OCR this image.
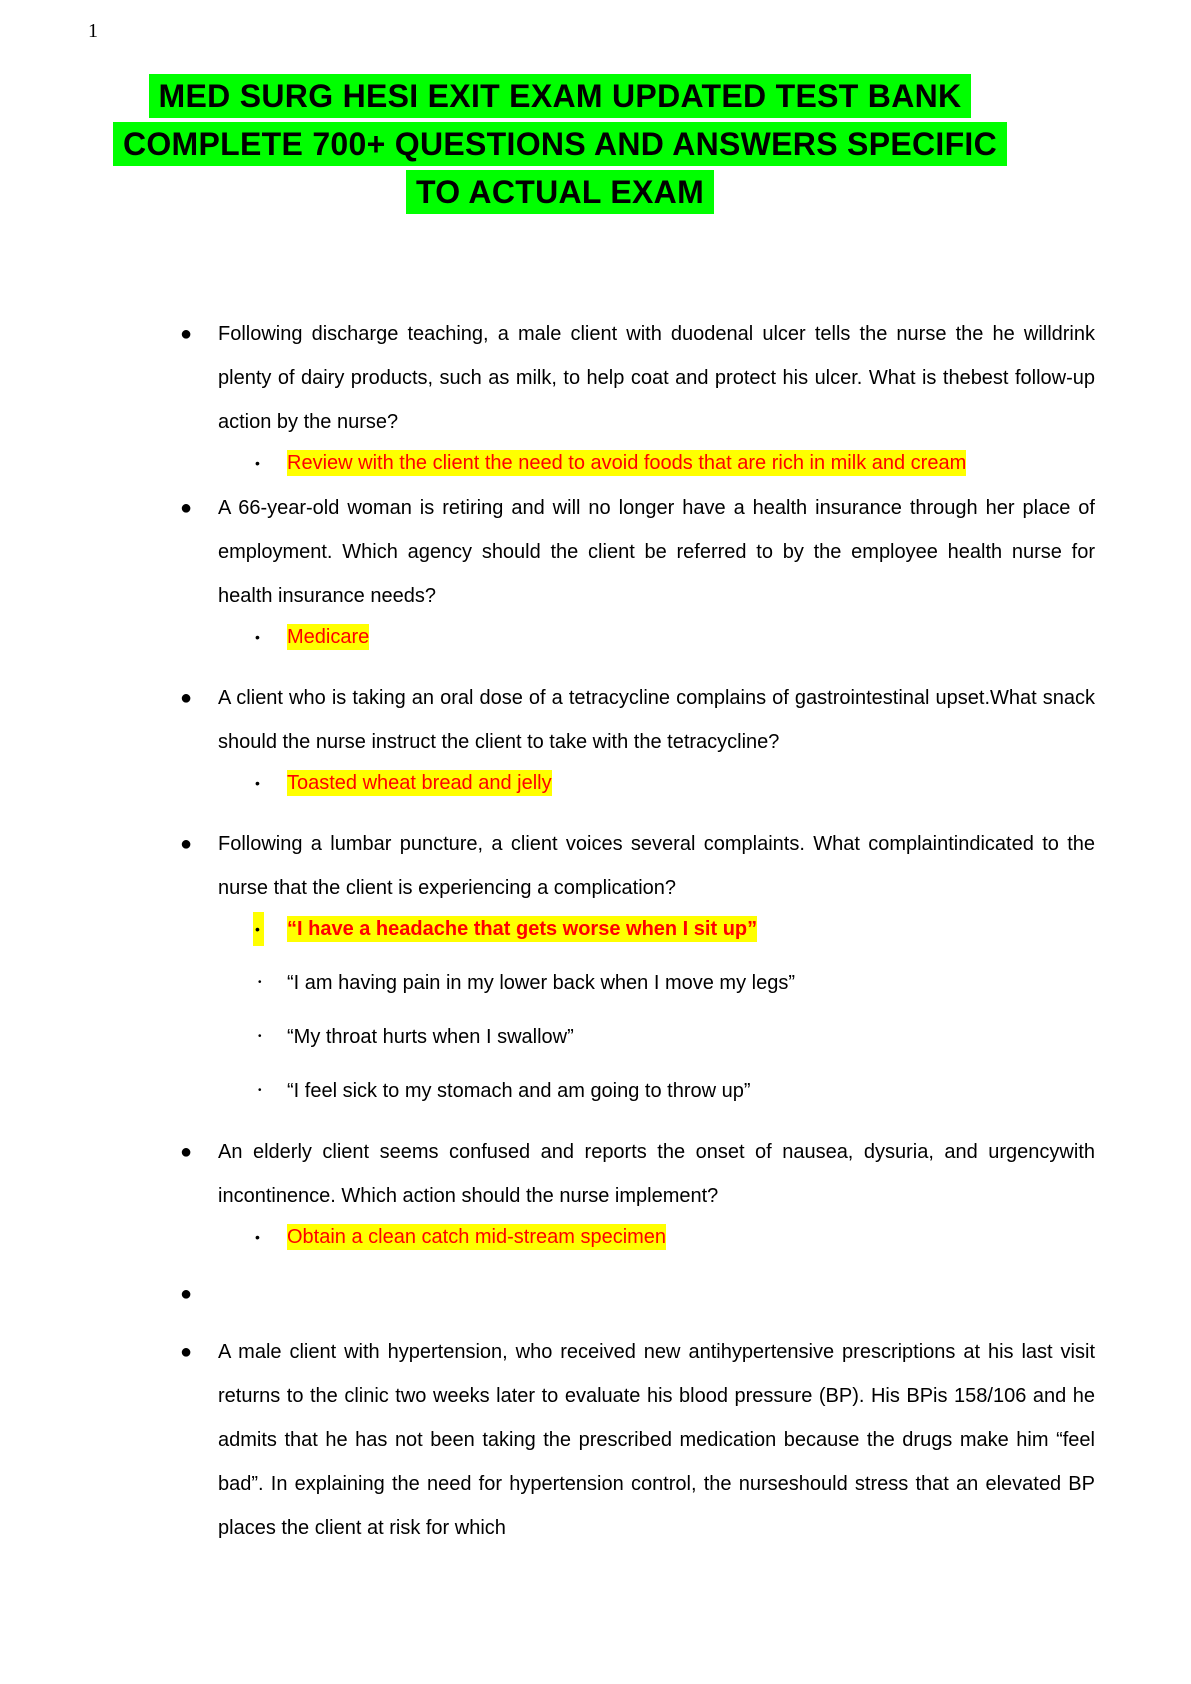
1
MED SURG HESI EXIT EXAM UPDATED TEST BANK
COMPLETE 700+ QUESTIONS AND ANSWERS SPECIFIC
TO ACTUAL EXAM
● Following discharge teaching, a male client with duodenal ulcer tells the nurse the he willdrink plenty of dairy products, such as milk, to help coat and protect his ulcer. What is thebest follow-up action by the nurse?
• Review with the client the need to avoid foods that are rich in milk and cream
● A 66-year-old woman is retiring and will no longer have a health insurance through her place of employment. Which agency should the client be referred to by the employee health nurse for health insurance needs?
• Medicare
● A client who is taking an oral dose of a tetracycline complains of gastrointestinal upset.What snack should the nurse instruct the client to take with the tetracycline?
• Toasted wheat bread and jelly
● Following a lumbar puncture, a client voices several complaints. What complaintindicated to the nurse that the client is experiencing a complication?
• “I have a headache that gets worse when I sit up”
• “I am having pain in my lower back when I move my legs”
• “My throat hurts when I swallow”
• “I feel sick to my stomach and am going to throw up”
● An elderly client seems confused and reports the onset of nausea, dysuria, and urgencywith incontinence. Which action should the nurse implement?
• Obtain a clean catch mid-stream specimen
●
● A male client with hypertension, who received new antihypertensive prescriptions at his last visit returns to the clinic two weeks later to evaluate his blood pressure (BP). His BPis 158/106 and he admits that he has not been taking the prescribed medication because the drugs make him “feel bad”. In explaining the need for hypertension control, the nurseshould stress that an elevated BP places the client at risk for which
